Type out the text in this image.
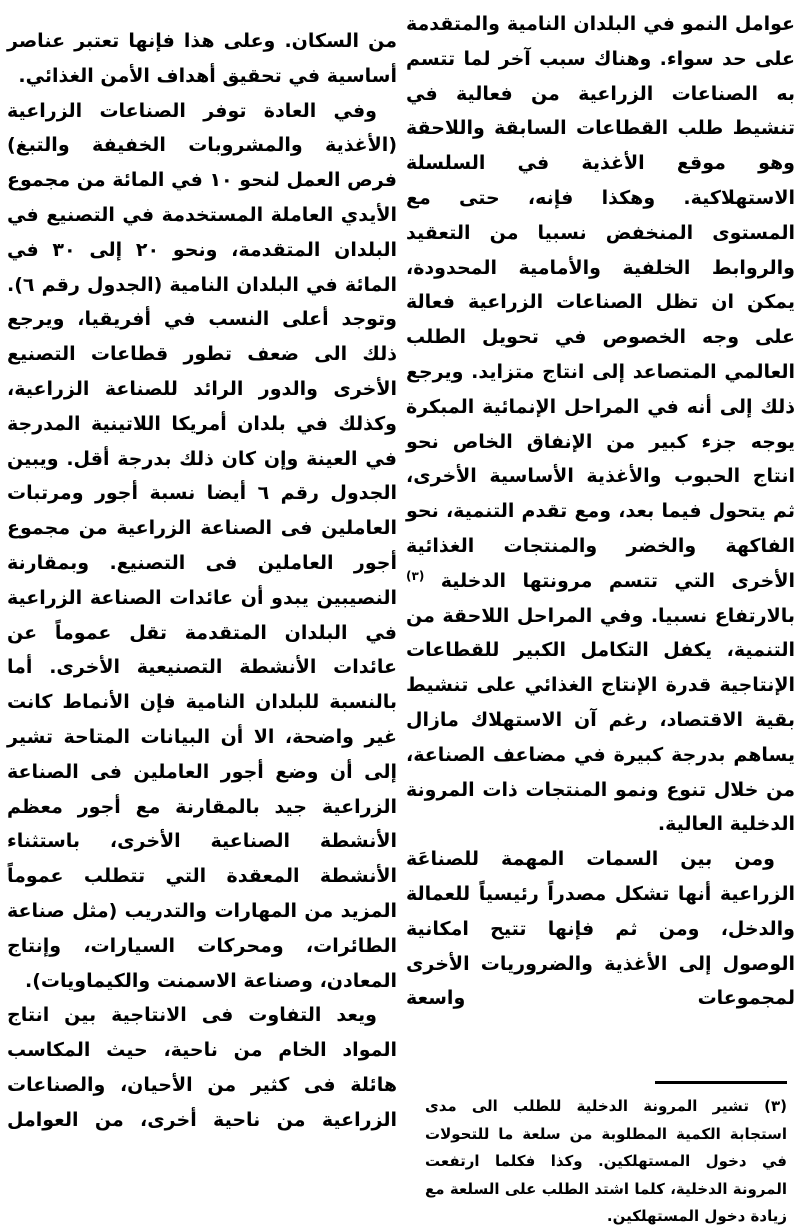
عوامل النمو في البلدان النامية والمتقدمة على حد سواء. وهناك سبب آخر لما تتسم به الصناعات الزراعية من فعالية في تنشيط طلب القطاعات السابقة واللاحقة وهو موقع الأغذية في السلسلة الاستهلاكية. وهكذا فإنه، حتى مع المستوى المنخفض نسبيا من التعقيد والروابط الخلفية والأمامية المحدودة، يمكن ان تظل الصناعات الزراعية فعالة على وجه الخصوص في تحويل الطلب العالمي المتصاعد إلى انتاج متزايد. ويرجع ذلك إلى أنه في المراحل الإنمائية المبكرة يوجه جزء كبير من الإنفاق الخاص نحو انتاج الحبوب والأغذية الأساسية الأخرى، ثم يتحول فيما بعد، ومع تقدم التنمية، نحو الفاكهة والخضر والمنتجات الغذائية الأخرى التي تتسم مرونتها الدخلية $^{(٣)}$ بالارتفاع نسبيا. وفي المراحل اللاحقة من التنمية، يكفل التكامل الكبير للقطاعات الإنتاجية قدرة الإنتاج الغذائي على تنشيط بقية الاقتصاد، رغم آن الاستهلاك مازال يساهم بدرجة كبيرة في مضاعف الصناعة، من خلال تنوع ونمو المنتجات ذات المرونة الدخلية العالية.

ومن بين السمات المهمة للصناعَة الزراعية أنها تشكل مصدراً رئيسياً للعمالة والدخل، ومن ثم فإنها تتيح امكانية الوصول إلى الأغذية والضروريات الأخرى لمجموعات واسعة

(٣) تشير المرونة الدخلية للطلب الى مدى استجابة الكمية المطلوبة من سلعة ما للتحولات في دخول المستهلكين. وكذا فكلما ارتفعت المرونة الدخلية، كلما اشتد الطلب على السلعة مع زيادة دخول المستهلكين.

من السكان. وعلى هذا فإنها تعتبر عناصر أساسية في تحقيق أهداف الأمن الغذائي.

وفي العادة توفر الصناعات الزراعية (الأغذية والمشروبات الخفيفة والتبغ) فرص العمل لنحو ١٠ في المائة من مجموع الأيدي العاملة المستخدمة في التصنيع في البلدان المتقدمة، ونحو ٢٠ إلى ٣٠ في المائة في البلدان النامية (الجدول رقم ٦). وتوجد أعلى النسب في أفريقيا، ويرجع ذلك الى ضعف تطور قطاعات التصنيع الأخرى والدور الرائد للصناعة الزراعية، وكذلك في بلدان أمريكا اللاتينية المدرجة في العينة وإن كان ذلك بدرجة أقل. ويبين الجدول رقم ٦ أيضا نسبة أجور ومرتبات العاملين فى الصناعة الزراعية من مجموع أجور العاملين فى التصنيع. وبمقارنة النصيبين يبدو أن عائدات الصناعة الزراعية في البلدان المتقدمة تقل عموماً عن عائدات الأنشطة التصنيعية الأخرى. أما بالنسبة للبلدان النامية فإن الأنماط كانت غير واضحة، الا أن البيانات المتاحة تشير إلى أن وضع أجور العاملين فى الصناعة الزراعية جيد بالمقارنة مع أجور معظم الأنشطة الصناعية الأخرى، باستثناء الأنشطة المعقدة التي تتطلب عموماً المزيد من المهارات والتدريب (مثل صناعة الطائرات، ومحركات السيارات، وإنتاج المعادن، وصناعة الاسمنت والكيماويات).

ويعد التفاوت فى الانتاجية بين انتاج المواد الخام من ناحية، حيث المكاسب هائلة فى كثير من الأحيان، والصناعات الزراعية من ناحية أخرى، من العوامل
